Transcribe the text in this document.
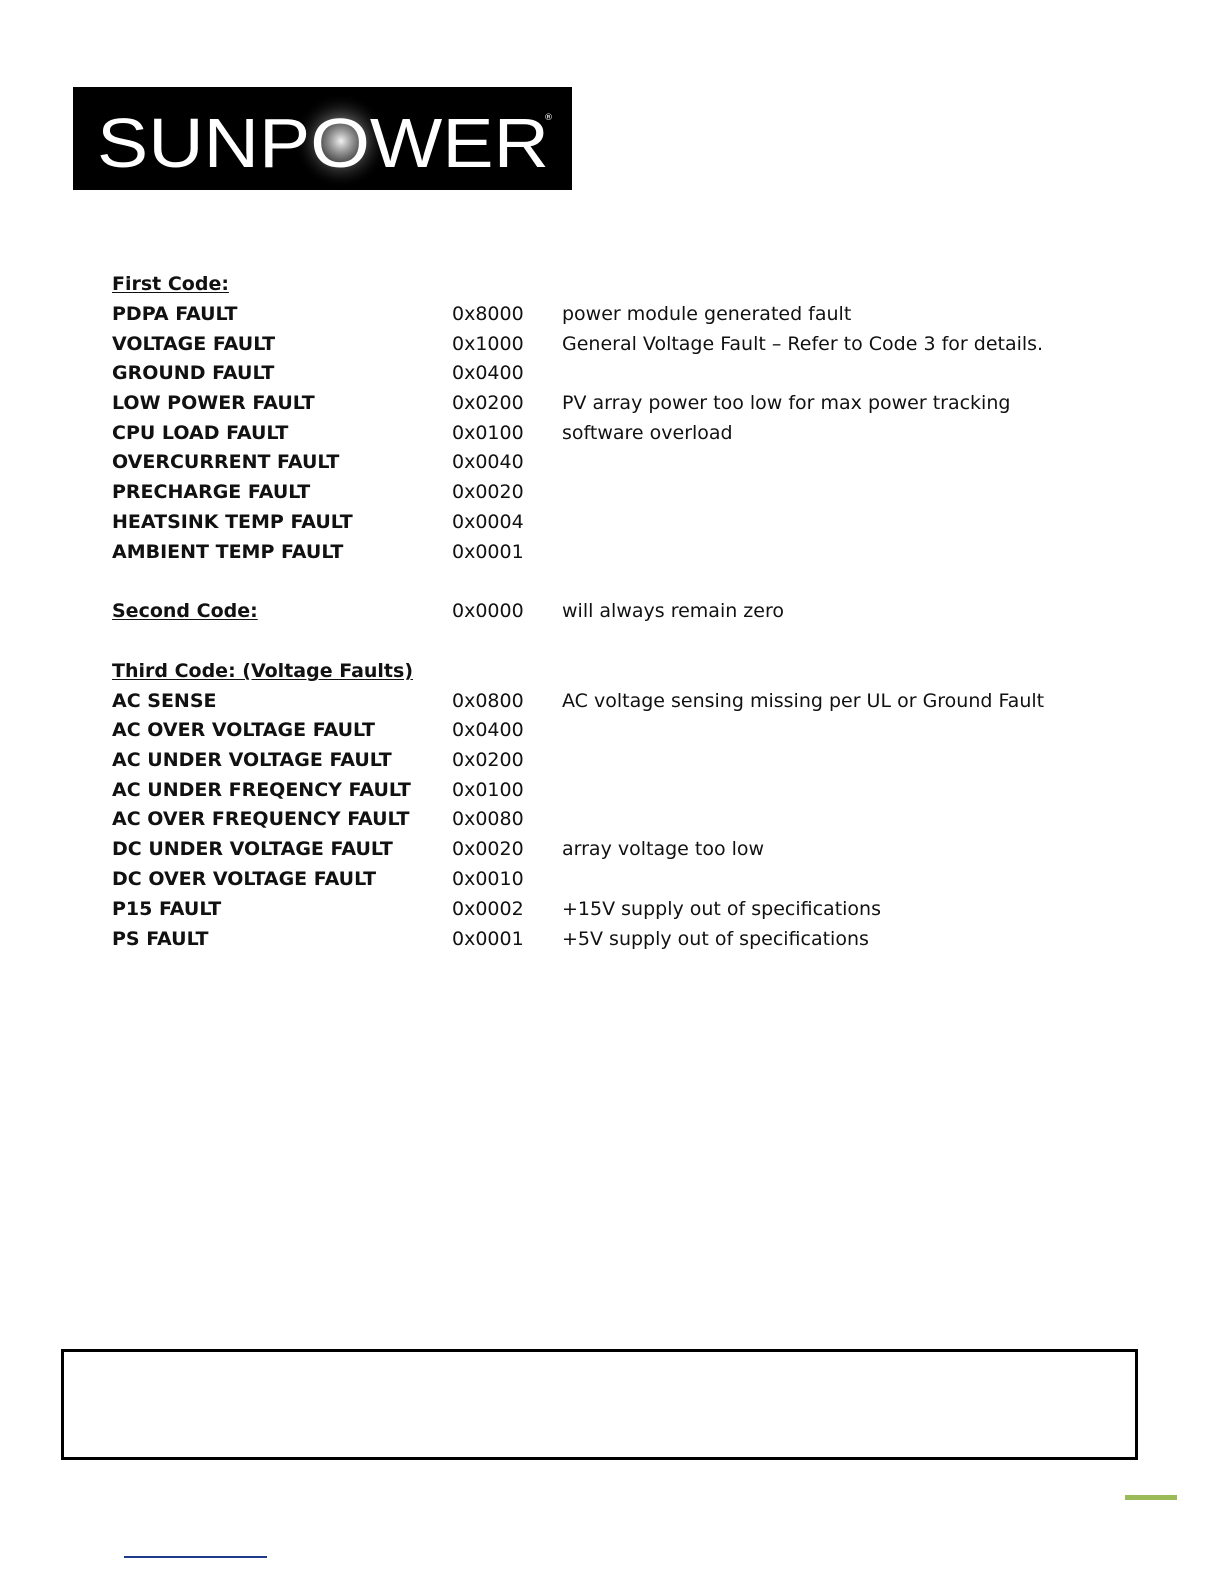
SUNPOWER
®
First Code:
PDPA FAULT	0x8000 power module generated fault
VOLTAGE FAULT	0x1000 General Voltage Fault – Refer to Code 3 for details.
GROUND FAULT	0x0400
LOW POWER FAULT	0x0200 PV array power too low for max power tracking
CPU LOAD FAULT	0x0100 software overload
OVERCURRENT FAULT	0x0040
PRECHARGE FAULT	0x0020
HEATSINK TEMP FAULT	0x0004
AMBIENT TEMP FAULT	0x0001
Second Code:	0x0000 will always remain zero
Third Code: (Voltage Faults)
AC SENSE	0x0800 AC voltage sensing missing per UL or Ground Fault
AC OVER VOLTAGE FAULT	0x0400
AC UNDER VOLTAGE FAULT	0x0200
AC UNDER FREQENCY FAULT 0x0100
AC OVER FREQUENCY FAULT 0x0080
DC UNDER VOLTAGE FAULT	0x0020 array voltage too low
DC OVER VOLTAGE FAULT	0x0010
P15 FAULT	0x0002 +15V supply out of specifications
PS FAULT	0x0001 +5V supply out of specifications
